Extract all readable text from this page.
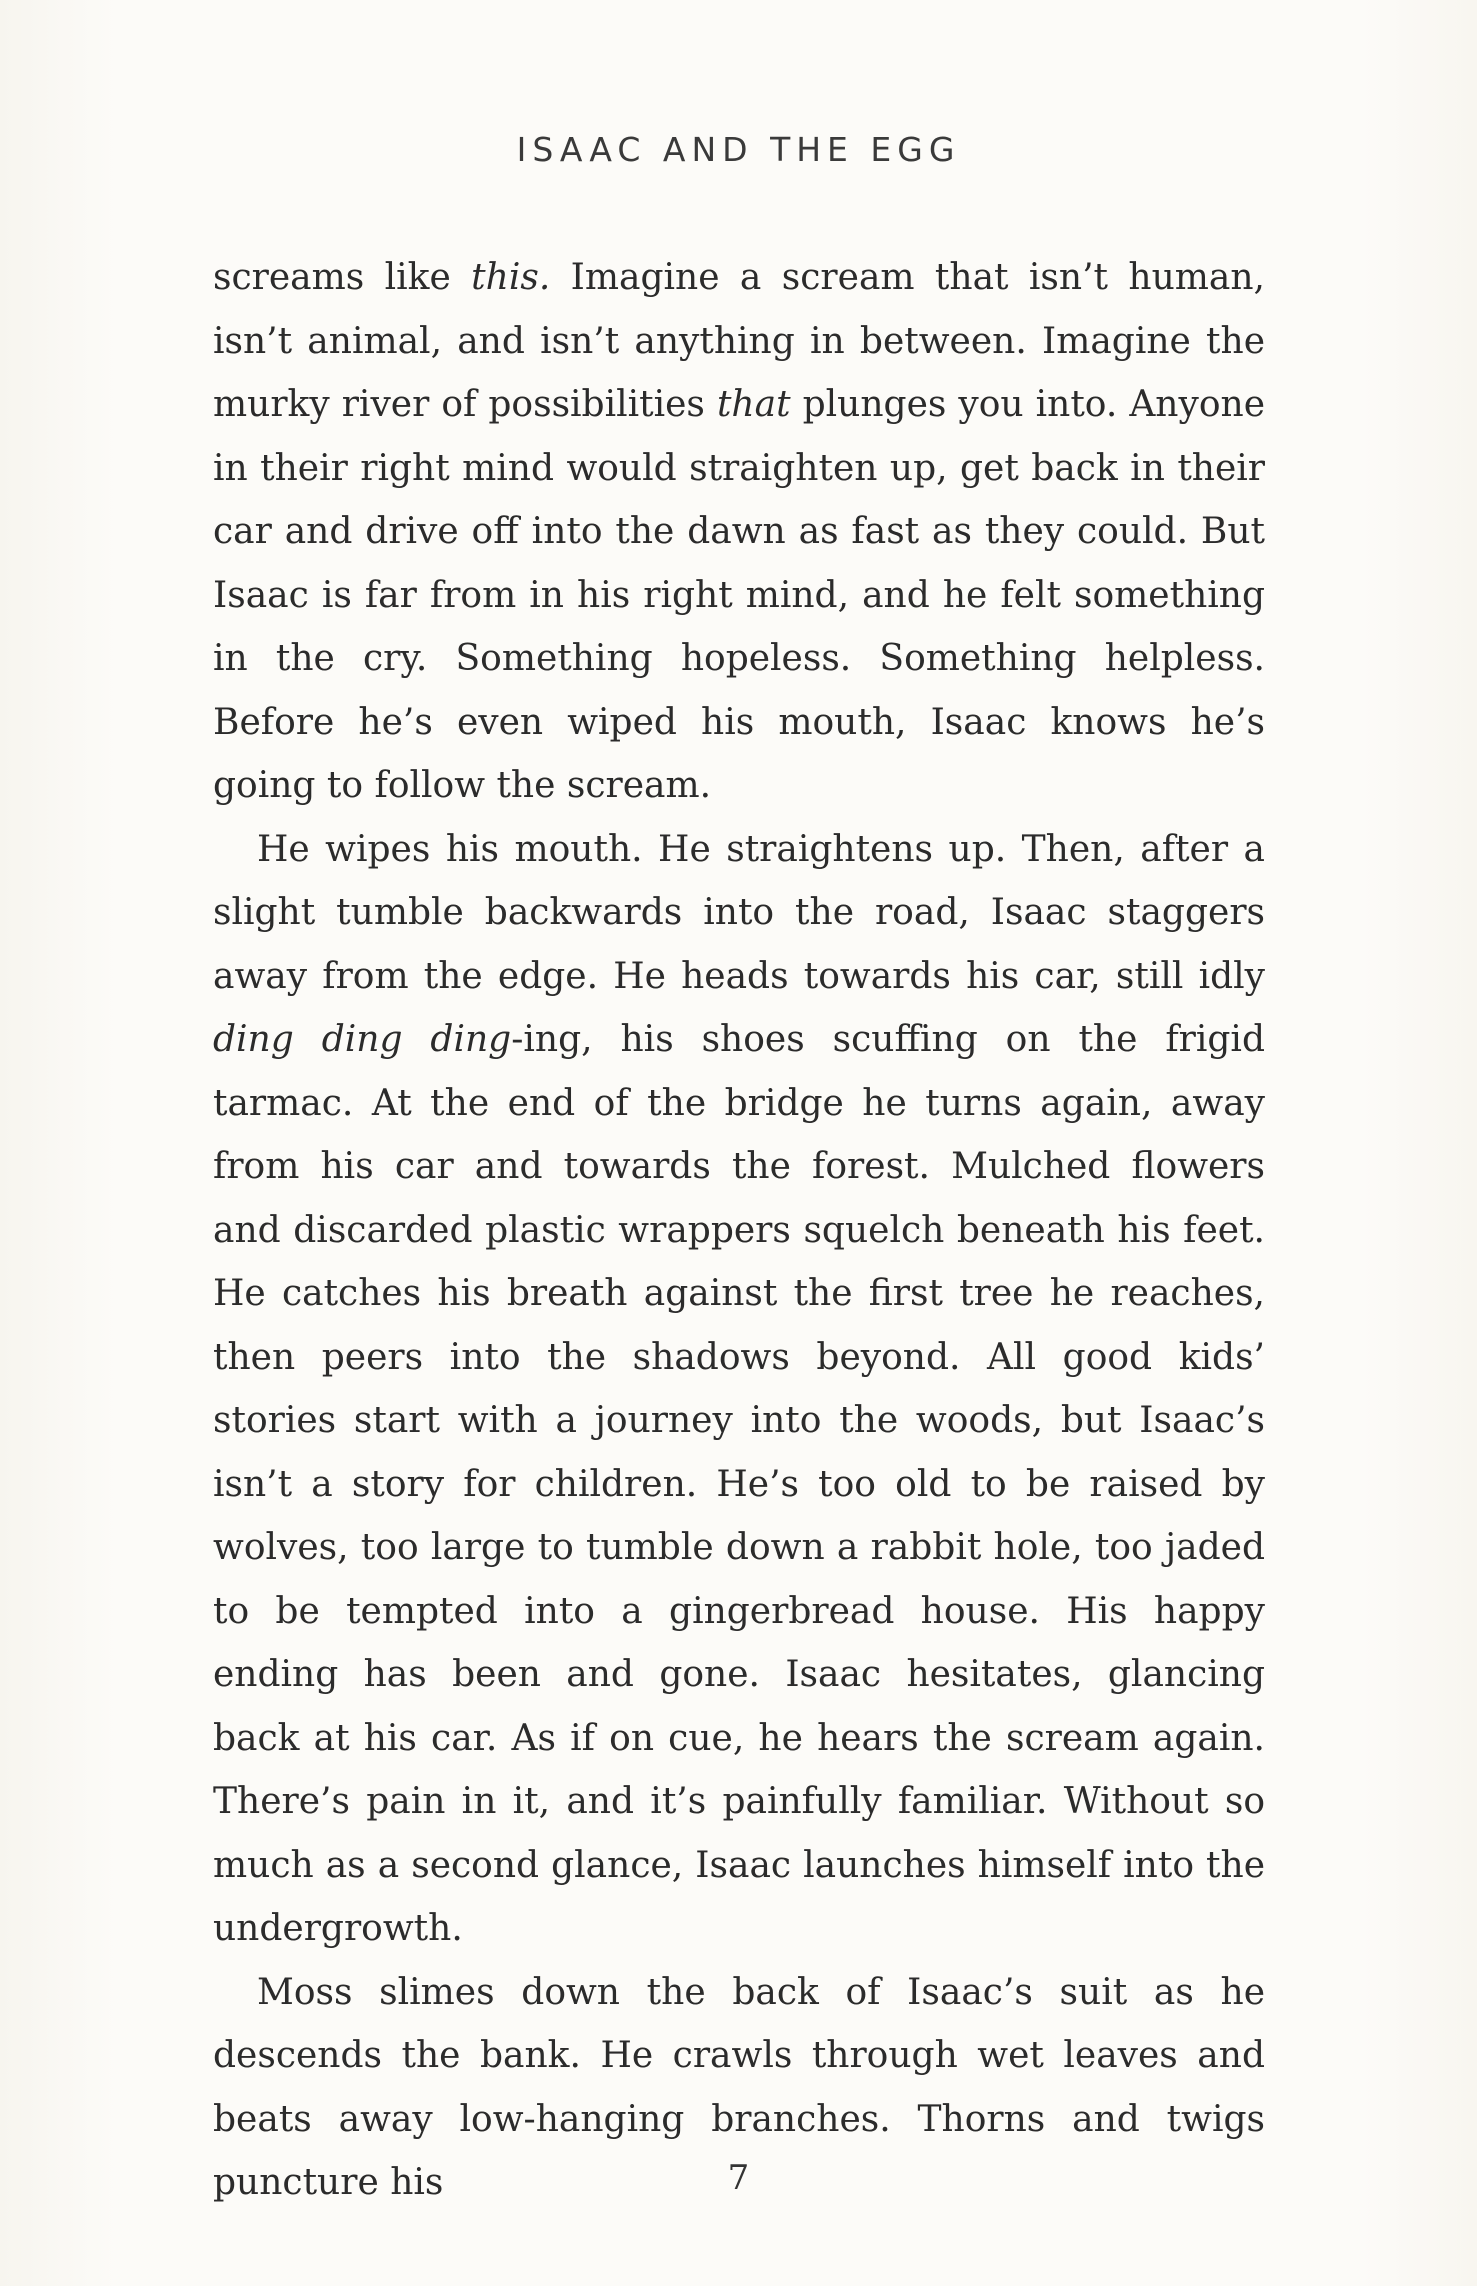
ISAAC AND THE EGG

screams like this. Imagine a scream that isn’t human, isn’t animal, and isn’t anything in between. Imagine the murky river of possibilities that plunges you into. Anyone in their right mind would straighten up, get back in their car and drive off into the dawn as fast as they could. But Isaac is far from in his right mind, and he felt something in the cry. Something hopeless. Something helpless. Before he’s even wiped his mouth, Isaac knows he’s going to follow the scream.

He wipes his mouth. He straightens up. Then, after a slight tumble backwards into the road, Isaac staggers away from the edge. He heads towards his car, still idly ding ding ding-ing, his shoes scuffing on the frigid tarmac. At the end of the bridge he turns again, away from his car and towards the forest. Mulched flowers and discarded plastic wrappers squelch beneath his feet. He catches his breath against the first tree he reaches, then peers into the shadows beyond. All good kids’ stories start with a journey into the woods, but Isaac’s isn’t a story for children. He’s too old to be raised by wolves, too large to tumble down a rabbit hole, too jaded to be tempted into a gingerbread house. His happy ending has been and gone. Isaac hesitates, glancing back at his car. As if on cue, he hears the scream again. There’s pain in it, and it’s painfully familiar. Without so much as a second glance, Isaac launches himself into the undergrowth.

Moss slimes down the back of Isaac’s suit as he descends the bank. He crawls through wet leaves and beats away low-hanging branches. Thorns and twigs puncture his	7
